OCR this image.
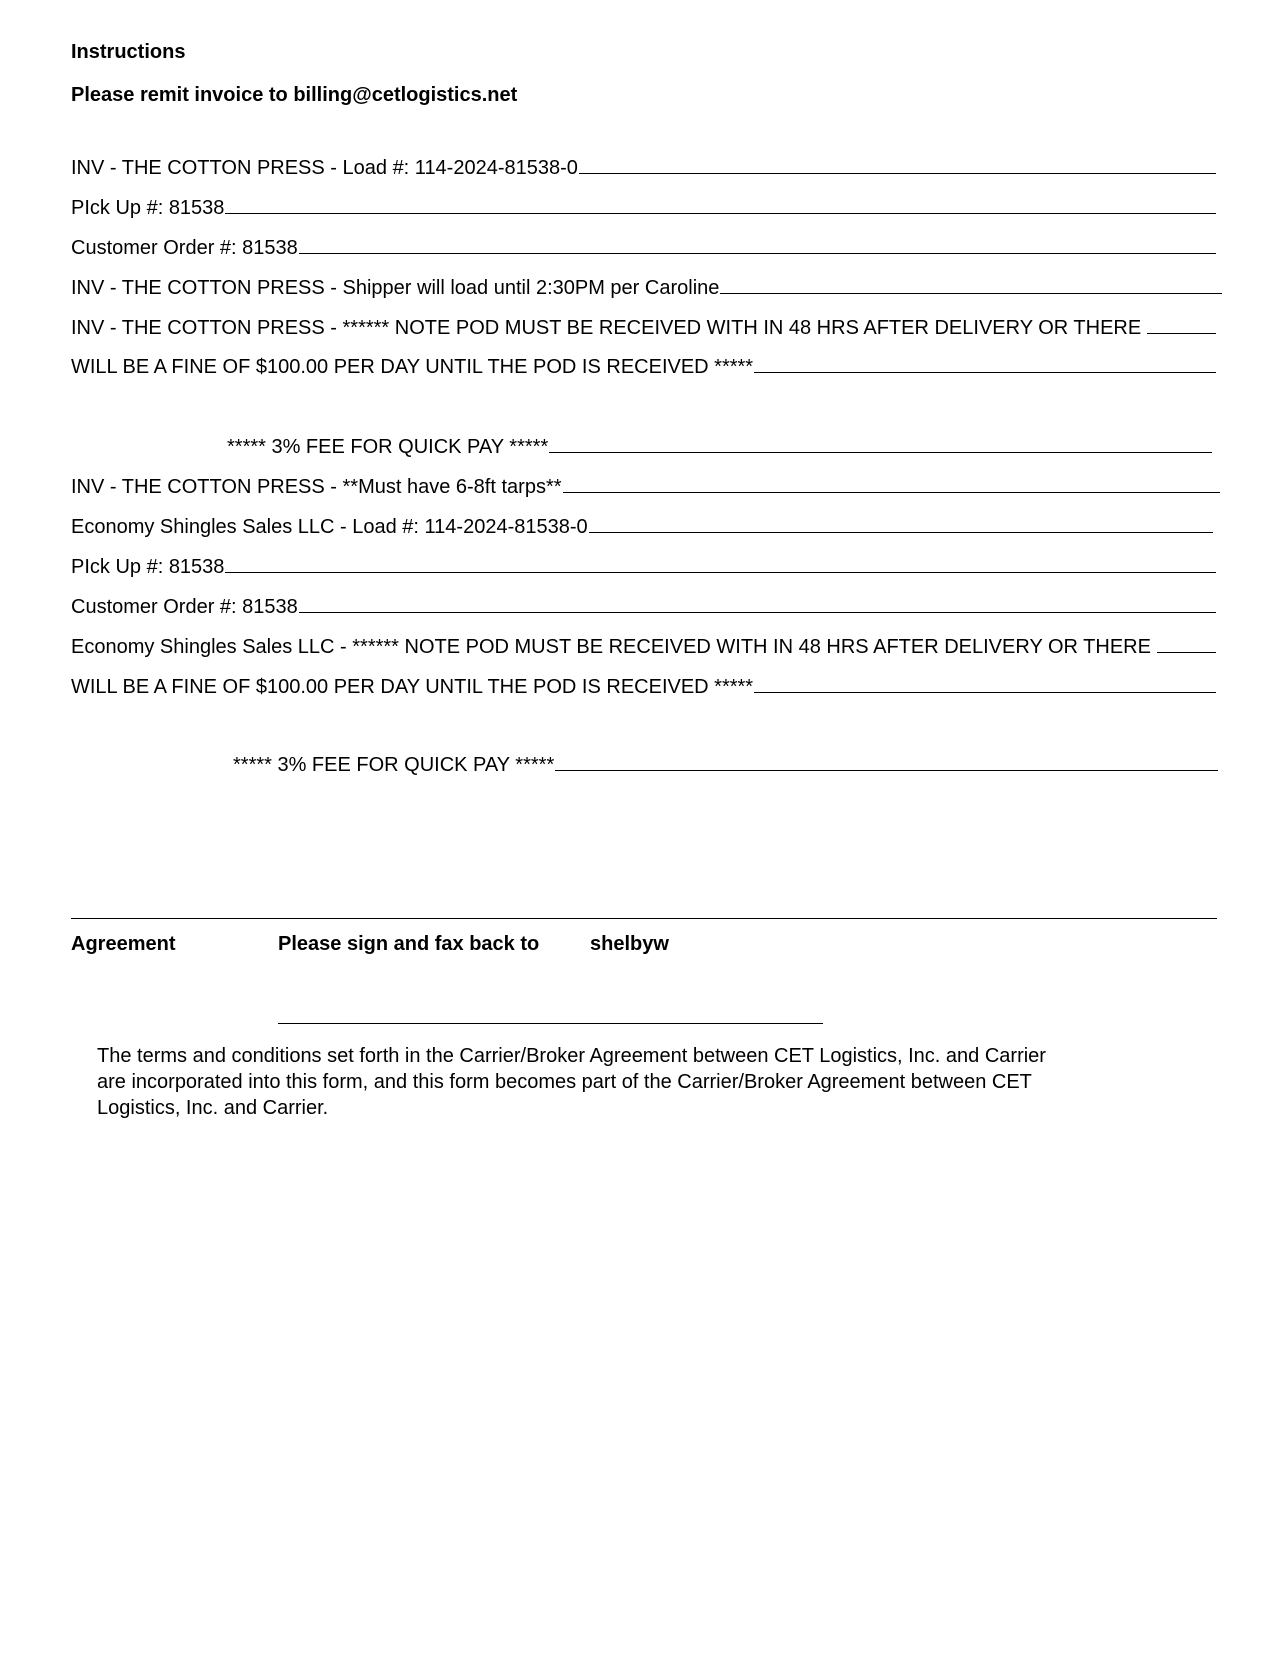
Instructions
Please remit invoice to billing@cetlogistics.net
INV - THE COTTON PRESS - Load #: 114-2024-81538-0
PIck Up #: 81538
Customer Order #: 81538
INV - THE COTTON PRESS - Shipper will load until 2:30PM per Caroline
INV - THE COTTON PRESS - ****** NOTE POD MUST BE RECEIVED WITH IN 48 HRS AFTER DELIVERY OR THERE
WILL BE A FINE OF $100.00 PER DAY UNTIL THE POD IS RECEIVED *****
***** 3% FEE FOR QUICK PAY *****
INV - THE COTTON PRESS - **Must have 6-8ft tarps**
Economy Shingles Sales LLC - Load #: 114-2024-81538-0
PIck Up #: 81538
Customer Order #: 81538
Economy Shingles Sales LLC - ****** NOTE POD MUST BE RECEIVED WITH IN 48 HRS AFTER DELIVERY OR THERE
WILL BE A FINE OF $100.00 PER DAY UNTIL THE POD IS RECEIVED *****
***** 3% FEE FOR QUICK PAY *****
Agreement	Please sign and fax back to	shelbyw
The terms and conditions set forth in the Carrier/Broker Agreement between CET Logistics, Inc. and Carrier
are incorporated into this form, and this form becomes part of the Carrier/Broker Agreement between CET
Logistics, Inc. and Carrier.
